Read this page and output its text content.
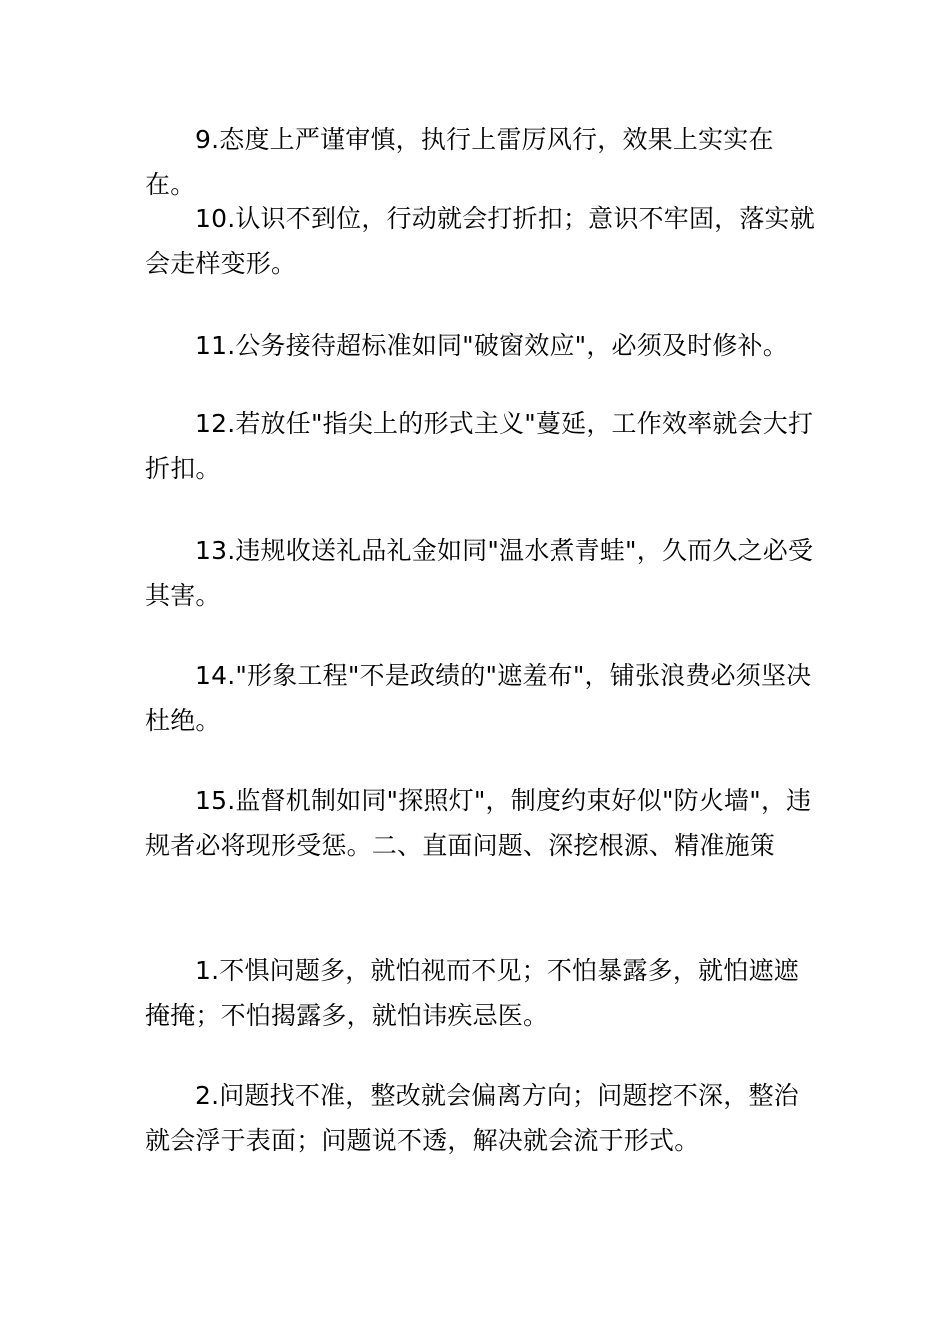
9.态度上严谨审慎，执行上雷厉风行，效果上实实在在。

10.认识不到位，行动就会打折扣；意识不牢固，落实就会走样变形。

11.公务接待超标准如同"破窗效应"，必须及时修补。

12.若放任"指尖上的形式主义"蔓延，工作效率就会大打折扣。

13.违规收送礼品礼金如同"温水煮青蛙"，久而久之必受其害。

14."形象工程"不是政绩的"遮羞布"，铺张浪费必须坚决杜绝。

15.监督机制如同"探照灯"，制度约束好似"防火墙"，违规者必将现形受惩。二、直面问题、深挖根源、精准施策

1.不惧问题多，就怕视而不见；不怕暴露多，就怕遮遮掩掩；不怕揭露多，就怕讳疾忌医。

2.问题找不准，整改就会偏离方向；问题挖不深，整治就会浮于表面；问题说不透，解决就会流于形式。
